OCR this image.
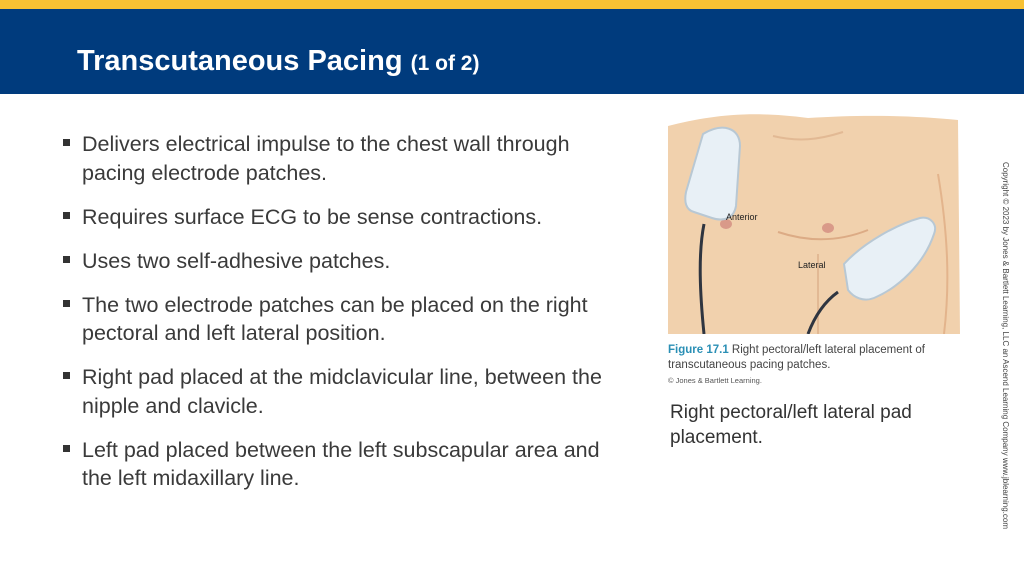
Transcutaneous Pacing (1 of 2)
Delivers electrical impulse to the chest wall through pacing electrode patches.
Requires surface ECG to be sense contractions.
Uses two self-adhesive patches.
The two electrode patches can be placed on the right pectoral and left lateral position.
Right pad placed at the midclavicular line, between the nipple and clavicle.
Left pad placed between the left subscapular area and the left midaxillary line.
Anterior
Lateral
Figure 17.1 Right pectoral/left lateral placement of transcutaneous pacing patches.
© Jones & Bartlett Learning.
Right pectoral/left lateral pad placement.	Copyright © 2023 by Jones & Bartlett Learning, LLC an Ascend Learning Company www.jblearning.com
